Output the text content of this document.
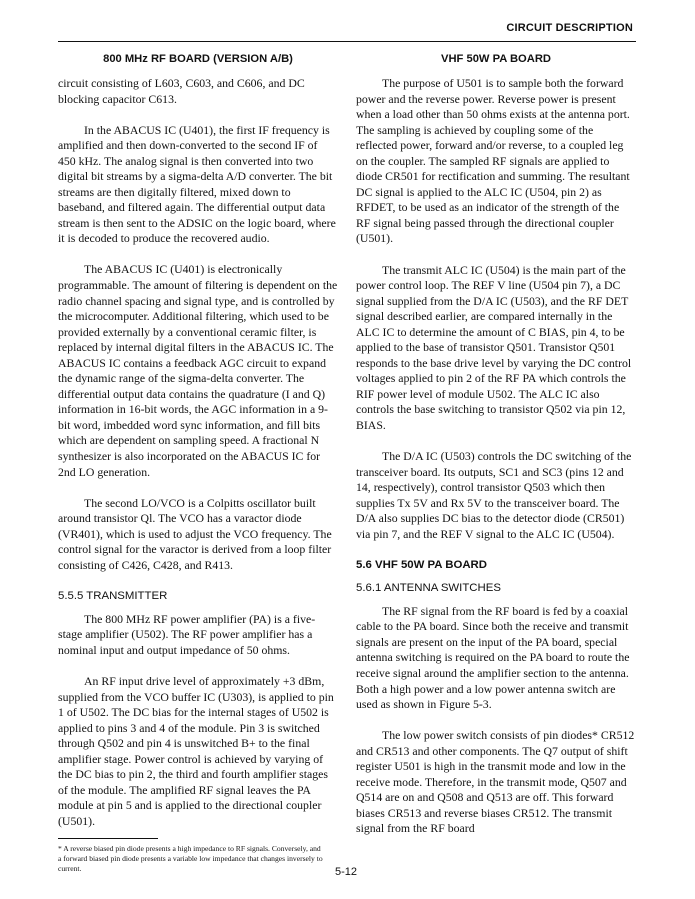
CIRCUIT DESCRIPTION
800 MHz RF BOARD (VERSION A/B)

circuit consisting of L603, C603, and C606, and DC blocking capacitor C613.

In the ABACUS IC (U401), the first IF frequency is amplified and then down-converted to the second IF of 450 kHz. The analog signal is then converted into two digital bit streams by a sigma-delta A/D converter. The bit streams are then digitally filtered, mixed down to baseband, and filtered again. The differential output data stream is then sent to the ADSIC on the logic board, where it is decoded to produce the recovered audio.

The ABACUS IC (U401) is electronically programmable. The amount of filtering is dependent on the radio channel spacing and signal type, and is controlled by the microcomputer. Additional filtering, which used to be provided externally by a conventional ceramic filter, is replaced by internal digital filters in the ABACUS IC. The ABACUS IC contains a feedback AGC circuit to expand the dynamic range of the sigma-delta converter. The differential output data contains the quadrature (I and Q) information in 16-bit words, the AGC information in a 9-bit word, imbedded word sync information, and fill bits which are dependent on sampling speed. A fractional N synthesizer is also incorporated on the ABACUS IC for 2nd LO generation.

The second LO/VCO is a Colpitts oscillator built around transistor Ql. The VCO has a varactor diode (VR401), which is used to adjust the VCO frequency. The control signal for the varactor is derived from a loop filter consisting of C426, C428, and R413.

5.5.5 TRANSMITTER

The 800 MHz RF power amplifier (PA) is a five-stage amplifier (U502). The RF power amplifier has a nominal input and output impedance of 50 ohms.

An RF input drive level of approximately +3 dBm, supplied from the VCO buffer IC (U303), is applied to pin 1 of U502. The DC bias for the internal stages of U502 is applied to pins 3 and 4 of the module. Pin 3 is switched through Q502 and pin 4 is unswitched B+ to the final amplifier stage. Power control is achieved by varying of the DC bias to pin 2, the third and fourth amplifier stages of the module. The amplified RF signal leaves the PA module at pin 5 and is applied to the directional coupler (U501).

VHF 50W PA BOARD

The purpose of U501 is to sample both the forward power and the reverse power. Reverse power is present when a load other than 50 ohms exists at the antenna port. The sampling is achieved by coupling some of the reflected power, forward and/or reverse, to a coupled leg on the coupler. The sampled RF signals are applied to diode CR501 for rectification and summing. The resultant DC signal is applied to the ALC IC (U504, pin 2) as RFDET, to be used as an indicator of the strength of the RF signal being passed through the directional coupler (U501).

The transmit ALC IC (U504) is the main part of the power control loop. The REF V line (U504 pin 7), a DC signal supplied from the D/A IC (U503), and the RF DET signal described earlier, are compared internally in the ALC IC to determine the amount of C BIAS, pin 4, to be applied to the base of transistor Q501. Transistor Q501 responds to the base drive level by varying the DC control voltages applied to pin 2 of the RF PA which controls the RIF power level of module U502. The ALC IC also controls the base switching to transistor Q502 via pin 12, BIAS.

The D/A IC (U503) controls the DC switching of the transceiver board. Its outputs, SC1 and SC3 (pins 12 and 14, respectively), control transistor Q503 which then supplies Tx 5V and Rx 5V to the transceiver board. The D/A also supplies DC bias to the detector diode (CR501) via pin 7, and the REF V signal to the ALC IC (U504).

5.6 VHF 50W PA BOARD
5.6.1 ANTENNA SWITCHES

The RF signal from the RF board is fed by a coaxial cable to the PA board. Since both the receive and transmit signals are present on the input of the PA board, special antenna switching is required on the PA board to route the receive signal around the amplifier section to the antenna. Both a high power and a low power antenna switch are used as shown in Figure 5-3.

The low power switch consists of pin diodes* CR512 and CR513 and other components. The Q7 output of shift register U501 is high in the transmit mode and low in the receive mode. Therefore, in the transmit mode, Q507 and Q514 are on and Q508 and Q513 are off. This forward biases CR513 and reverse biases CR512. The transmit signal from the RF board

* A reverse biased pin diode presents a high impedance to RF signals. Conversely, and a forward biased pin diode presents a variable low impedance that changes inversely to current.	5-12
